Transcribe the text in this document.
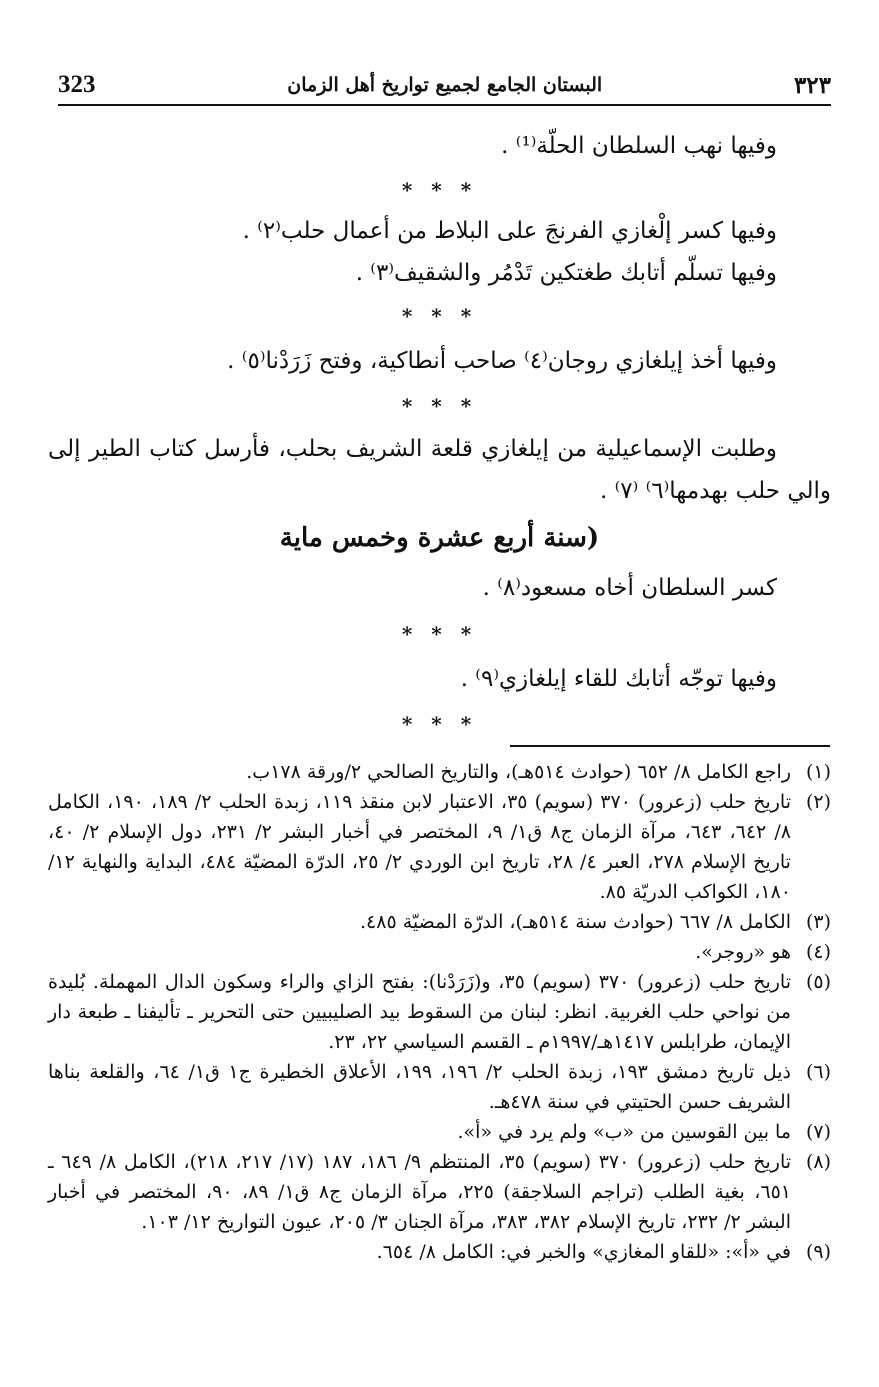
323	البستان الجامع لجميع تواريخ أهل الزمان	٣٢٣

وفيها نهب السلطان الحلّة⁽¹⁾ .

* * *

وفيها كسر إلْغازي الفرنجَ على البلاط من أعمال حلب⁽٢⁾ .

وفيها تسلّم أتابك طغتكين تَدْمُر والشقيف⁽٣⁾ .

* * *

وفيها أخذ إيلغازي روجان⁽٤⁾ صاحب أنطاكية، وفتح زَرَدْنا⁽٥⁾ .

* * *

وطلبت الإسماعيلية من إيلغازي قلعة الشريف بحلب، فأرسل كتاب الطير إلى والي حلب بهدمها⁽٦⁾ ⁽٧⁾ .

(سنة أربع عشرة وخمس ماية

كسر السلطان أخاه مسعود⁽٨⁾ .

* * *

وفيها توجّه أتابك للقاء إيلغازي⁽٩⁾ .

* * *
(١)
راجع الكامل ٨/ ٦٥٢ (حوادث ٥١٤هـ)، والتاريخ الصالحي ٢/ورقة ١٧٨ب.
(٢)
تاريخ حلب (زعرور) ٣٧٠ (سويم) ٣٥، الاعتبار لابن منقذ ١١٩، زبدة الحلب ٢/ ١٨٩، ١٩٠، الكامل ٨/ ٦٤٢، ٦٤٣، مرآة الزمان ج٨ ق١/ ٩، المختصر في أخبار البشر ٢/ ٢٣١، دول الإسلام ٢/ ٤٠، تاريخ الإسلام ٢٧٨، العبر ٤/ ٢٨، تاريخ ابن الوردي ٢/ ٢٥، الدرّة المضيّة ٤٨٤، البداية والنهاية ١٢/ ١٨٠، الكواكب الدريّة ٨٥.
(٣)
الكامل ٨/ ٦٦٧ (حوادث سنة ٥١٤هـ)، الدرّة المضيّة ٤٨٥.
(٤)
هو «روجر».
(٥)
تاريخ حلب (زعرور) ٣٧٠ (سويم) ٣٥، و(زَرَدْنا): بفتح الزاي والراء وسكون الدال المهملة. بُليدة من نواحي حلب الغربية. انظر: لبنان من السقوط بيد الصليبيين حتى التحرير ـ تأليفنا ـ طبعة دار الإيمان، طرابلس ١٤١٧هـ/١٩٩٧م ـ القسم السياسي ٢٢، ٢٣.
(٦)
ذيل تاريخ دمشق ١٩٣، زبدة الحلب ٢/ ١٩٦، ١٩٩، الأعلاق الخطيرة ج١ ق١/ ٦٤، والقلعة بناها الشريف حسن الحتيتي في سنة ٤٧٨هـ.
(٧)
ما بين القوسين من «ب» ولم يرد في «أ».
(٨)
تاريخ حلب (زعرور) ٣٧٠ (سويم) ٣٥، المنتظم ٩/ ١٨٦، ١٨٧ (١٧/ ٢١٧، ٢١٨)، الكامل ٨/ ٦٤٩ ـ ٦٥١، بغية الطلب (تراجم السلاجقة) ٢٢٥، مرآة الزمان ج٨ ق١/ ٨٩، ٩٠، المختصر في أخبار البشر ٢/ ٢٣٢، تاريخ الإسلام ٣٨٢، ٣٨٣، مرآة الجنان ٣/ ٢٠٥، عيون التواريخ ١٢/ ١٠٣.
(٩)
في «أ»: «للقاو المغازي» والخبر في: الكامل ٨/ ٦٥٤.
